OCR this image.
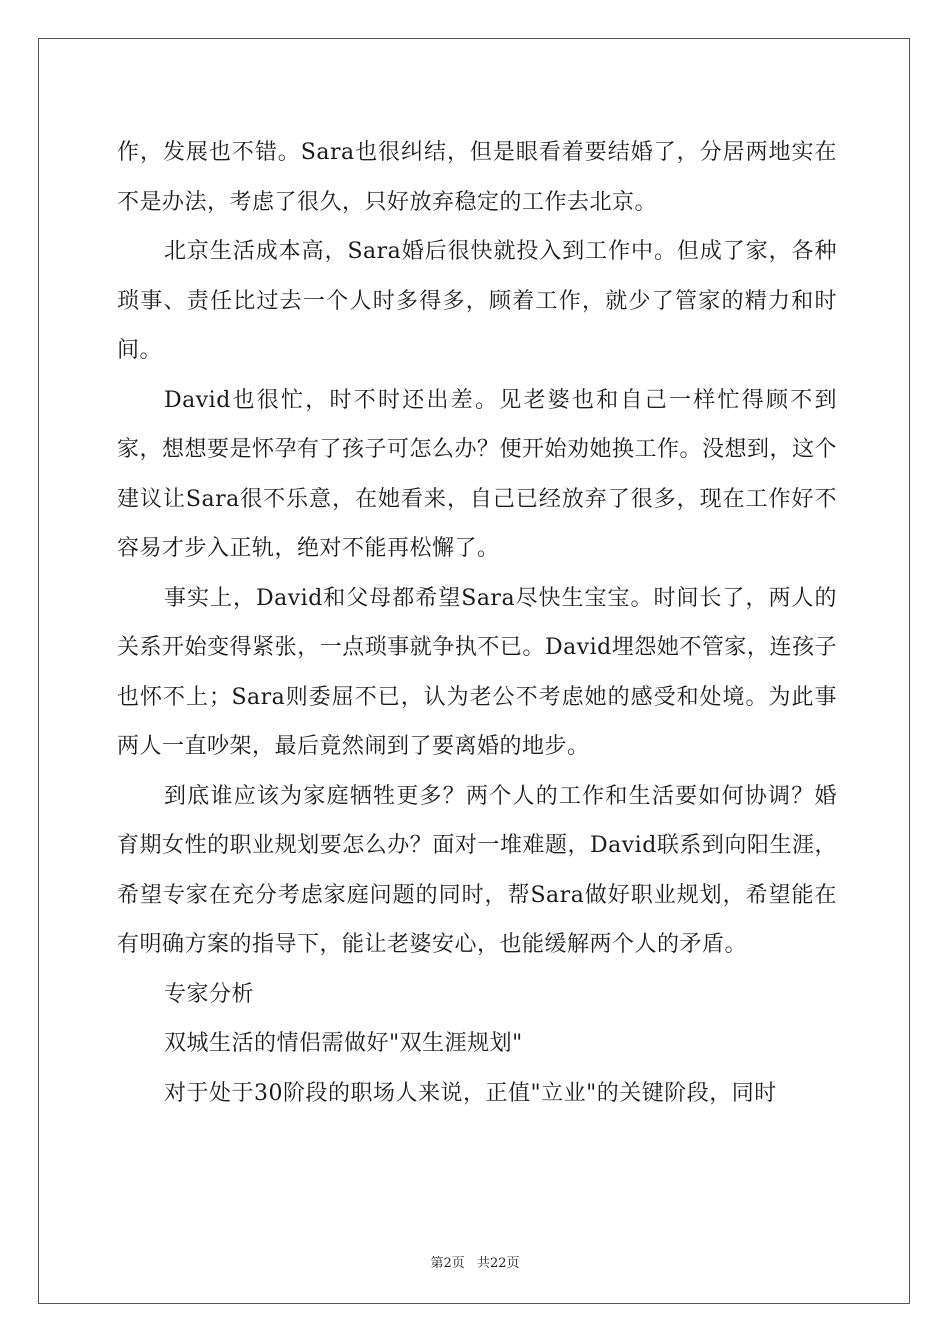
作，发展也不错。Sara也很纠结，但是眼看着要结婚了，分居两地实在不是办法，考虑了很久，只好放弃稳定的工作去北京。

北京生活成本高，Sara婚后很快就投入到工作中。但成了家，各种琐事、责任比过去一个人时多得多，顾着工作，就少了管家的精力和时间。

David也很忙，时不时还出差。见老婆也和自己一样忙得顾不到家，想想要是怀孕有了孩子可怎么办？便开始劝她换工作。没想到，这个建议让Sara很不乐意，在她看来，自己已经放弃了很多，现在工作好不容易才步入正轨，绝对不能再松懈了。

事实上，David和父母都希望Sara尽快生宝宝。时间长了，两人的关系开始变得紧张，一点琐事就争执不已。David埋怨她不管家，连孩子也怀不上；Sara则委屈不已，认为老公不考虑她的感受和处境。为此事两人一直吵架，最后竟然闹到了要离婚的地步。

到底谁应该为家庭牺牲更多？两个人的工作和生活要如何协调？婚育期女性的职业规划要怎么办？面对一堆难题，David联系到向阳生涯，希望专家在充分考虑家庭问题的同时，帮Sara做好职业规划，希望能在有明确方案的指导下，能让老婆安心，也能缓解两个人的矛盾。

专家分析

双城生活的情侣需做好"双生涯规划"

对于处于30阶段的职场人来说，正值"立业"的关键阶段，同时

第2页 共22页
